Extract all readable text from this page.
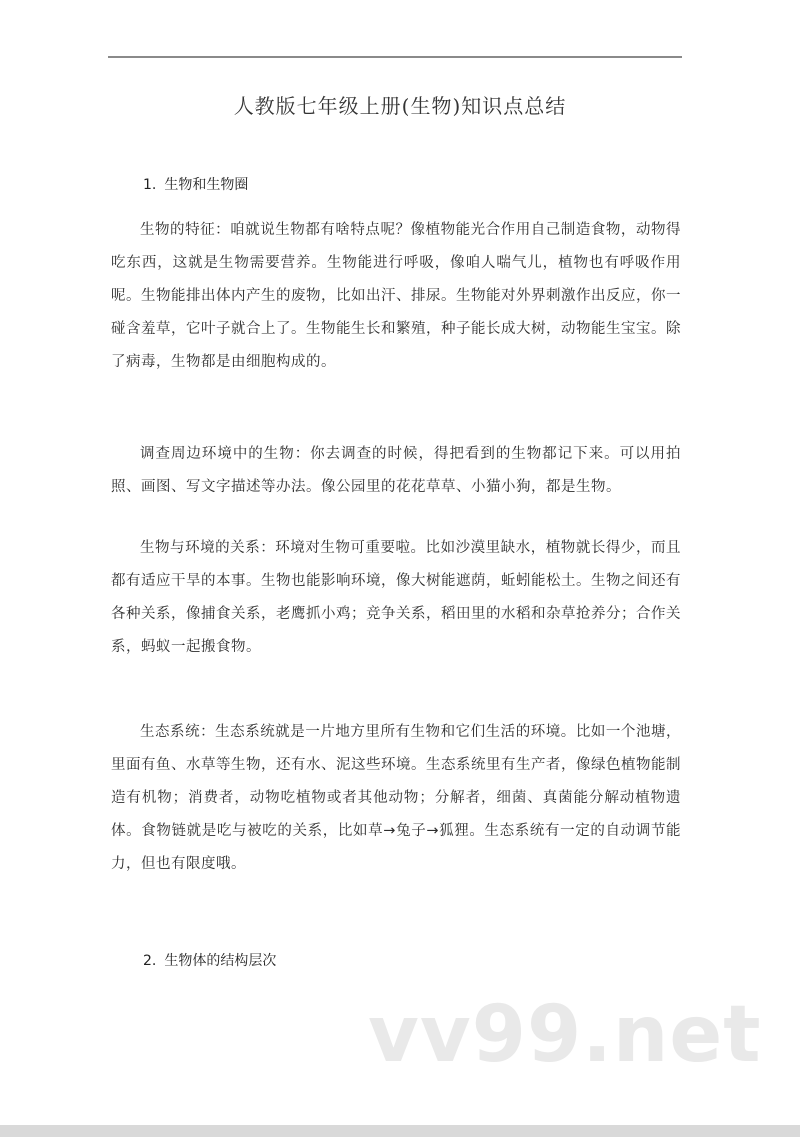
人教版七年级上册(生物)知识点总结
1. 生物和生物圈
生物的特征：咱就说生物都有啥特点呢？像植物能光合作用自己制造食物，动物得吃东西，这就是生物需要营养。生物能进行呼吸，像咱人喘气儿，植物也有呼吸作用呢。生物能排出体内产生的废物，比如出汗、排尿。生物能对外界刺激作出反应，你一碰含羞草，它叶子就合上了。生物能生长和繁殖，种子能长成大树，动物能生宝宝。除了病毒，生物都是由细胞构成的。
调查周边环境中的生物：你去调查的时候，得把看到的生物都记下来。可以用拍照、画图、写文字描述等办法。像公园里的花花草草、小猫小狗，都是生物。
生物与环境的关系：环境对生物可重要啦。比如沙漠里缺水，植物就长得少，而且都有适应干旱的本事。生物也能影响环境，像大树能遮荫，蚯蚓能松土。生物之间还有各种关系，像捕食关系，老鹰抓小鸡；竞争关系，稻田里的水稻和杂草抢养分；合作关系，蚂蚁一起搬食物。
生态系统：生态系统就是一片地方里所有生物和它们生活的环境。比如一个池塘，里面有鱼、水草等生物，还有水、泥这些环境。生态系统里有生产者，像绿色植物能制造有机物；消费者，动物吃植物或者其他动物；分解者，细菌、真菌能分解动植物遗体。食物链就是吃与被吃的关系，比如草→兔子→狐狸。生态系统有一定的自动调节能力，但也有限度哦。
2. 生物体的结构层次
vv99.net
